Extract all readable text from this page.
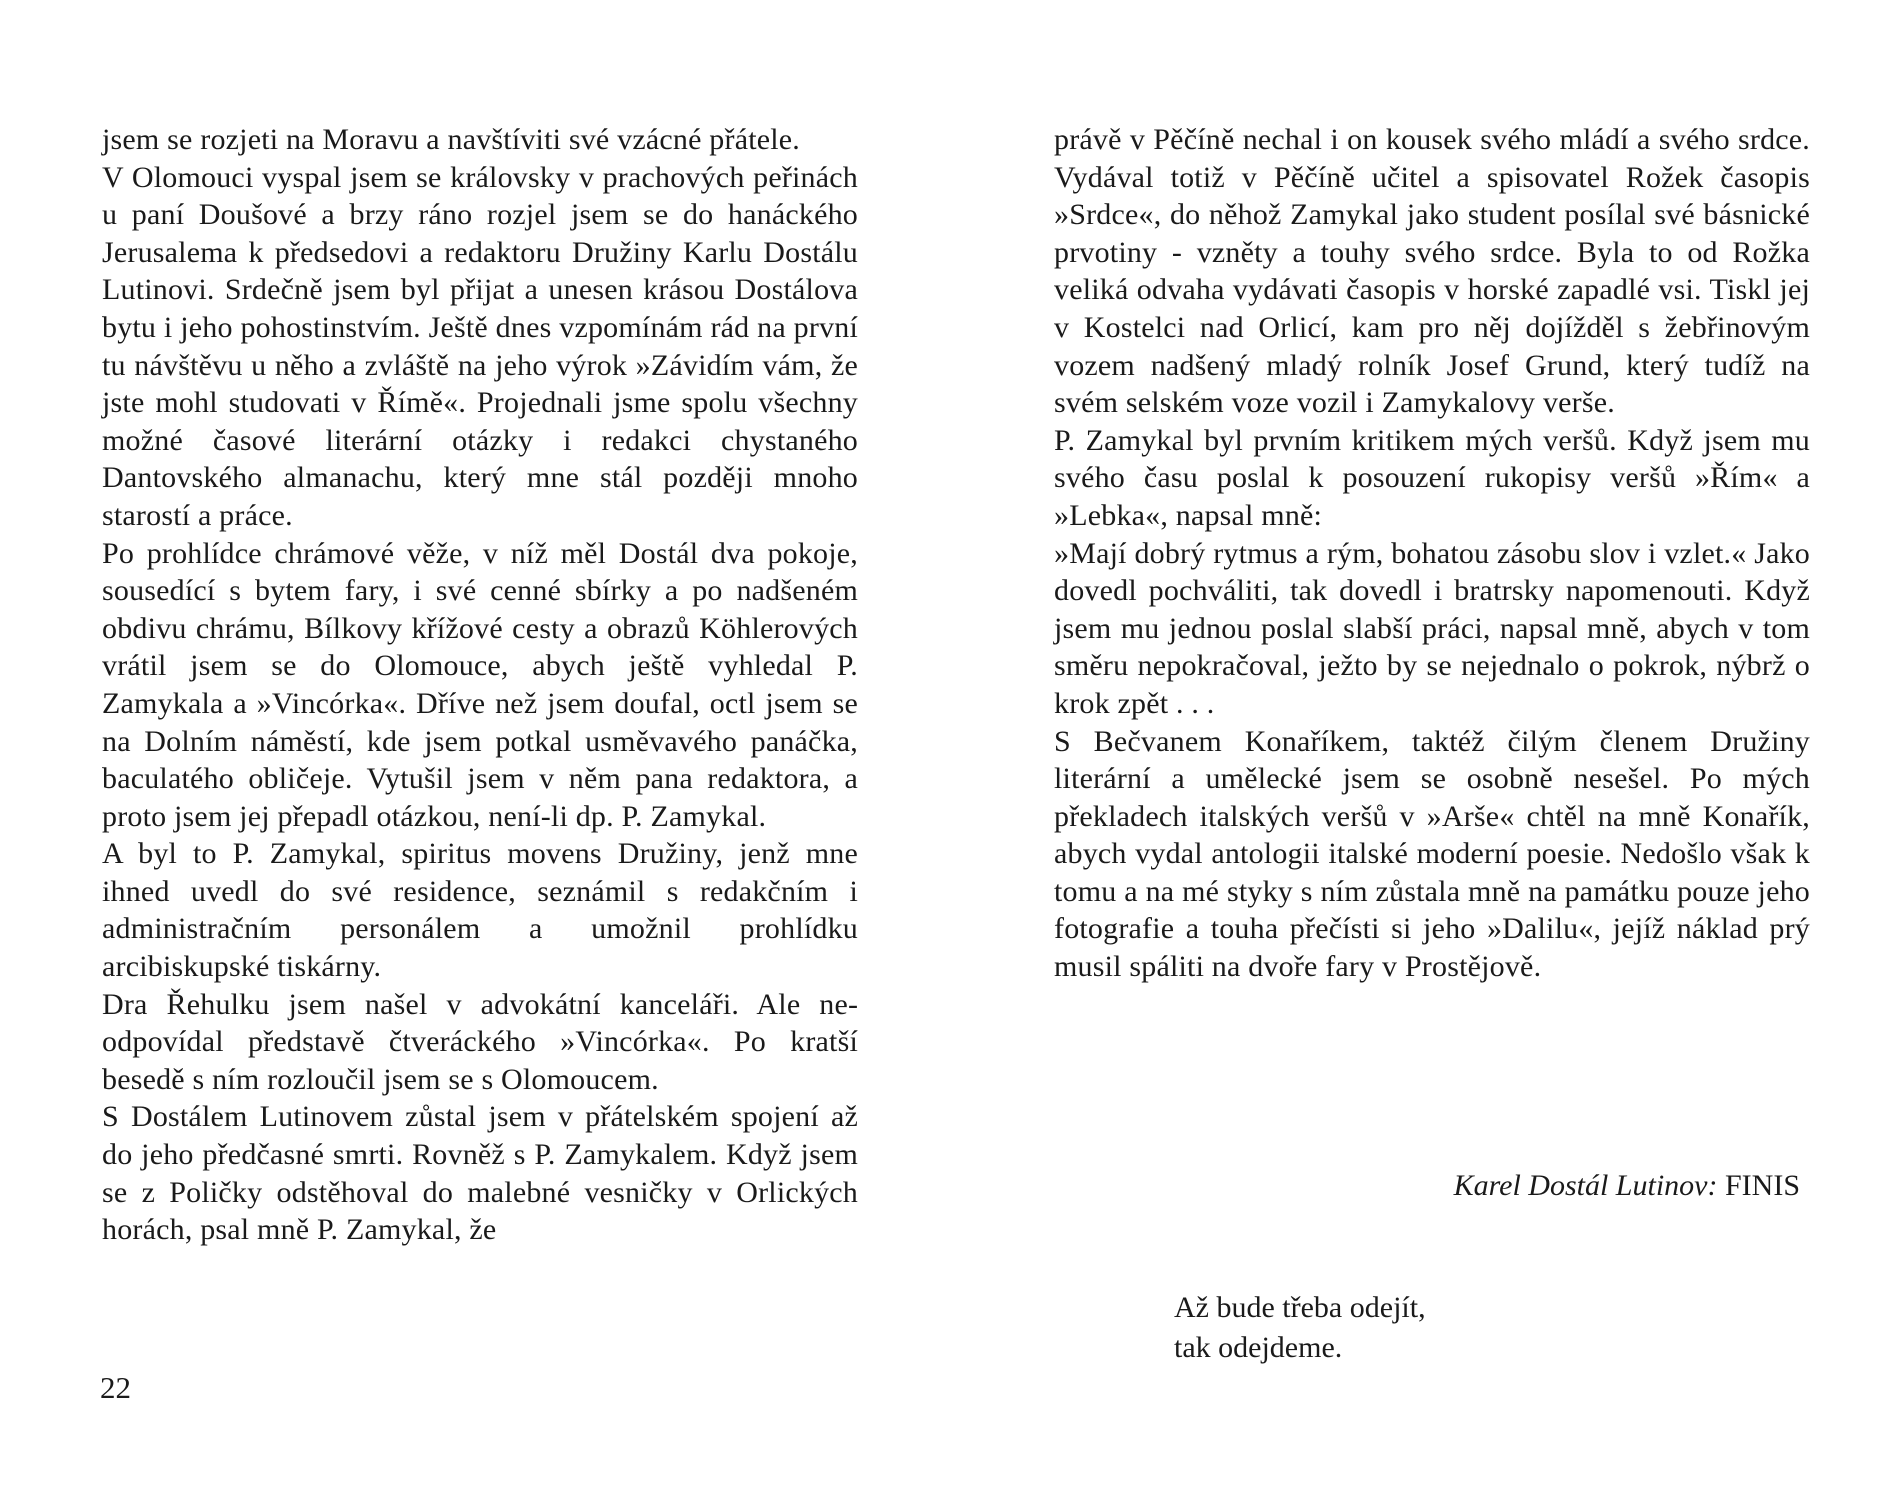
jsem se rozjeti na Moravu a navštíviti své vzácné přátele.

V Olomouci vyspal jsem se královsky v prachových peřinách u paní Doušové a brzy ráno rozjel jsem se do hanáckého Jerusalema k předsedovi a redaktoru Družiny Karlu Dostálu Lutinovi. Srdečně jsem byl přijat a unesen krásou Dostálova bytu i jeho pohostinstvím. Ještě dnes vzpomínám rád na první tu návštěvu u něho a zvláště na jeho výrok »Závidím vám, že jste mohl studovati v Římě«. Projednali jsme spolu všechny možné časové literární otázky i redakci chystaného Dantovského almanachu, který mne stál později mnoho starostí a práce.

Po prohlídce chrámové věže, v níž měl Dostál dva pokoje, sousedící s bytem fary, i své cenné sbírky a po nadšeném obdivu chrámu, Bílkovy křížové cesty a obrazů Köhlerových vrátil jsem se do Olomouce, abych ještě vyhledal P. Zamykala a »Vincórka«. Dříve než jsem doufal, octl jsem se na Dolním náměstí, kde jsem potkal usměvavého panáčka, baculatého obličeje. Vytušil jsem v něm pana redaktora, a proto jsem jej přepadl otázkou, není-li dp. P. Zamykal.

A byl to P. Zamykal, spiritus movens Družiny, jenž mne ihned uvedl do své residence, seznámil s redakčním i administračním personálem a umožnil prohlídku arcibiskupské tiskárny.

Dra Řehulku jsem našel v advokátní kanceláři. Ale neodpovídal představě čtveráckého »Vincórka«. Po kratší besedě s ním rozloučil jsem se s Olomoucem.

S Dostálem Lutinovem zůstal jsem v přátelském spojení až do jeho předčasné smrti. Rovněž s P. Zamykalem. Když jsem se z Poličky odstěhoval do malebné vesničky v Orlických horách, psal mně P. Zamykal, že

22

právě v Pěčíně nechal i on kousek svého mládí a svého srdce. Vydával totiž v Pěčíně učitel a spisovatel Rožek časopis »Srdce«, do něhož Zamykal jako student posílal své básnické prvotiny - vzněty a touhy svého srdce. Byla to od Rožka veliká odvaha vydávati časopis v horské zapadlé vsi. Tiskl jej v Kostelci nad Orlicí, kam pro něj dojížděl s žebřinovým vozem nadšený mladý rolník Josef Grund, který tudíž na svém selském voze vozil i Zamykalovy verše.

P. Zamykal byl prvním kritikem mých veršů. Když jsem mu svého času poslal k posouzení rukopisy veršů »Řím« a »Lebka«, napsal mně:

»Mají dobrý rytmus a rým, bohatou zásobu slov i vzlet.« Jako dovedl pochváliti, tak dovedl i bratrsky napomenouti. Když jsem mu jednou poslal slabší práci, napsal mně, abych v tom směru nepokračoval, ježto by se nejednalo o pokrok, nýbrž o krok zpět . . .

S Bečvanem Konaříkem, taktéž čilým členem Družiny literární a umělecké jsem se osobně nesešel. Po mých překladech italských veršů v »Arše« chtěl na mně Konařík, abych vydal antologii italské moderní poesie. Nedošlo však k tomu a na mé styky s ním zůstala mně na památku pouze jeho fotografie a touha přečísti si jeho »Dalilu«, jejíž náklad prý musil spáliti na dvoře fary v Prostějově.

Karel Dostál Lutinov: FINIS
Až bude třeba odejít,
tak odejdeme.
